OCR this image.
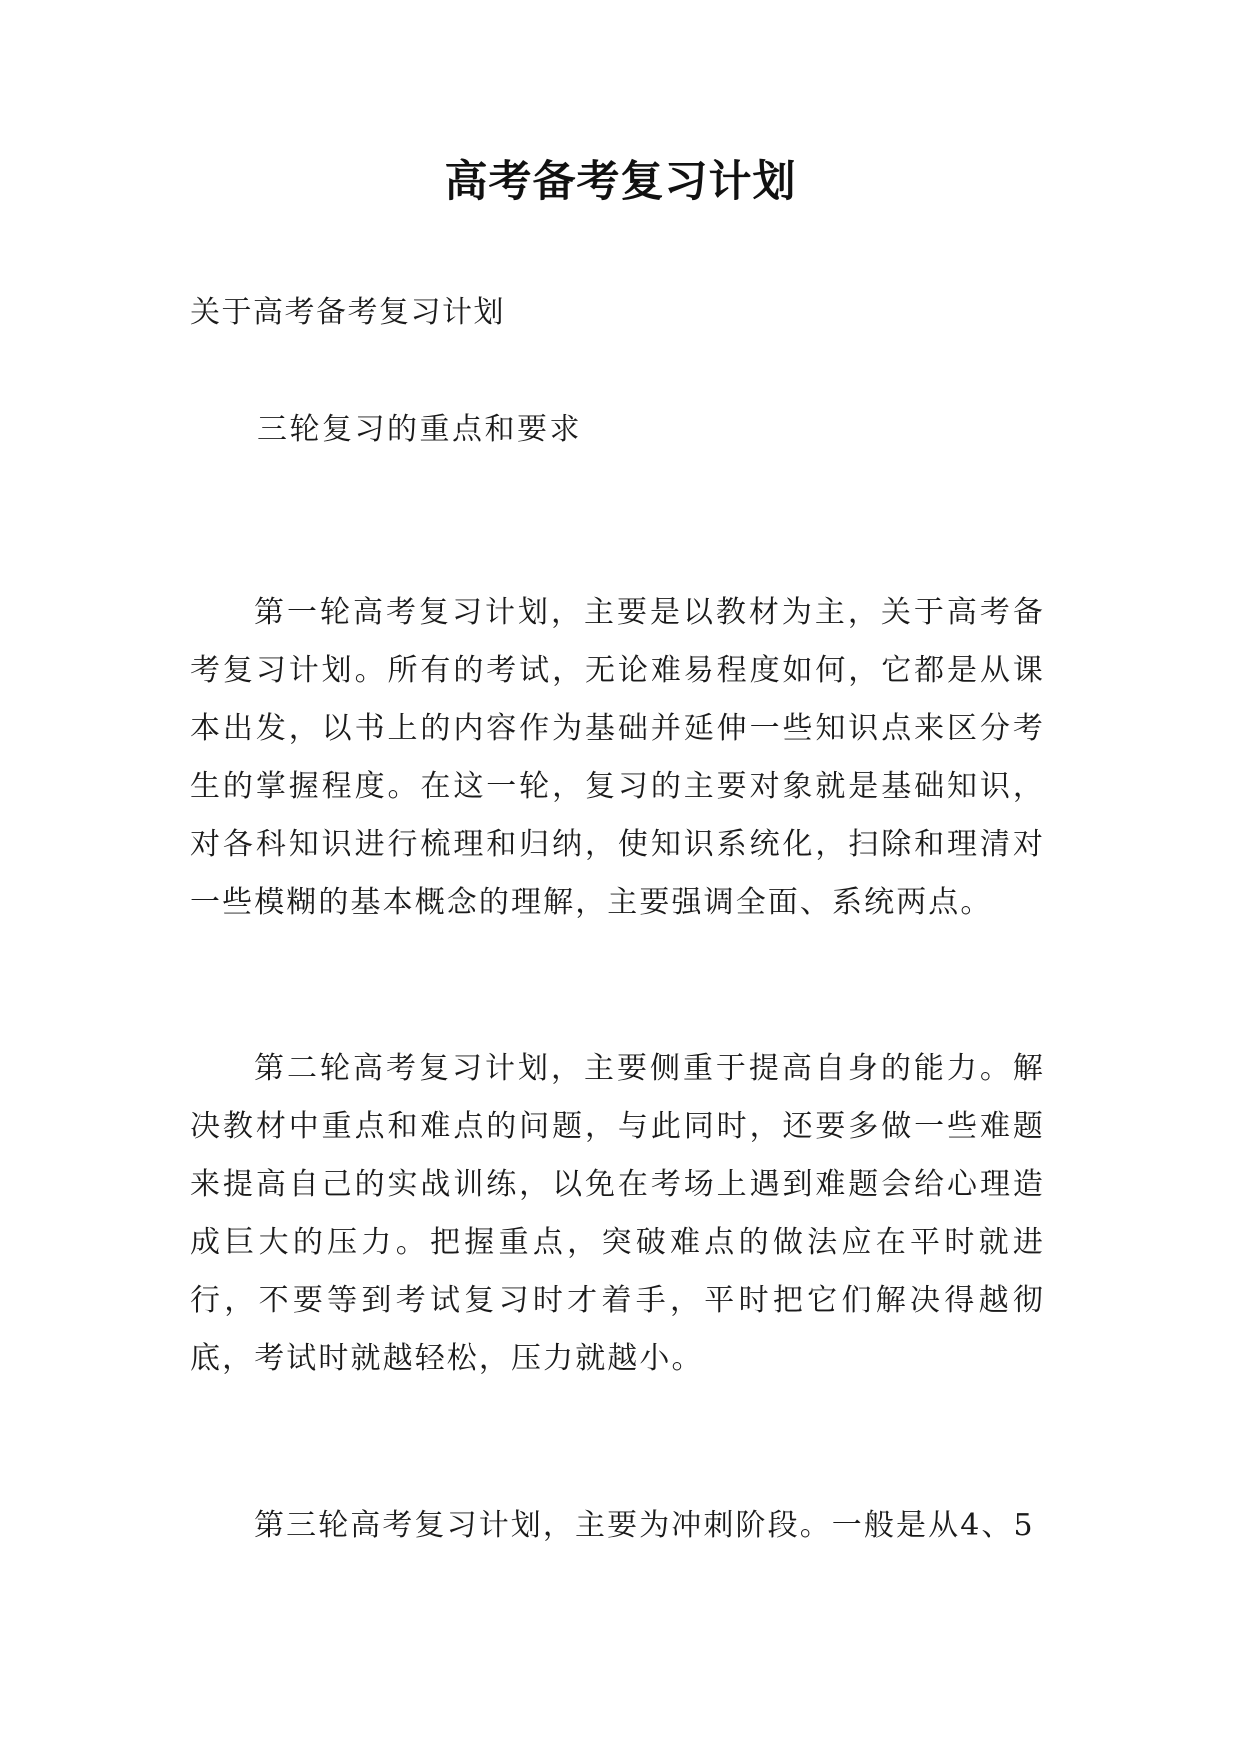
高考备考复习计划
关于高考备考复习计划
三轮复习的重点和要求

第一轮高考复习计划，主要是以教材为主，关于高考备考复习计划。所有的考试，无论难易程度如何，它都是从课本出发，以书上的内容作为基础并延伸一些知识点来区分考生的掌握程度。在这一轮，复习的主要对象就是基础知识，对各科知识进行梳理和归纳，使知识系统化，扫除和理清对一些模糊的基本概念的理解，主要强调全面、系统两点。

第二轮高考复习计划，主要侧重于提高自身的能力。解决教材中重点和难点的问题，与此同时，还要多做一些难题来提高自己的实战训练，以免在考场上遇到难题会给心理造成巨大的压力。把握重点，突破难点的做法应在平时就进行，不要等到考试复习时才着手，平时把它们解决得越彻底，考试时就越轻松，压力就越小。

第三轮高考复习计划，主要为冲刺阶段。一般是从4、5
